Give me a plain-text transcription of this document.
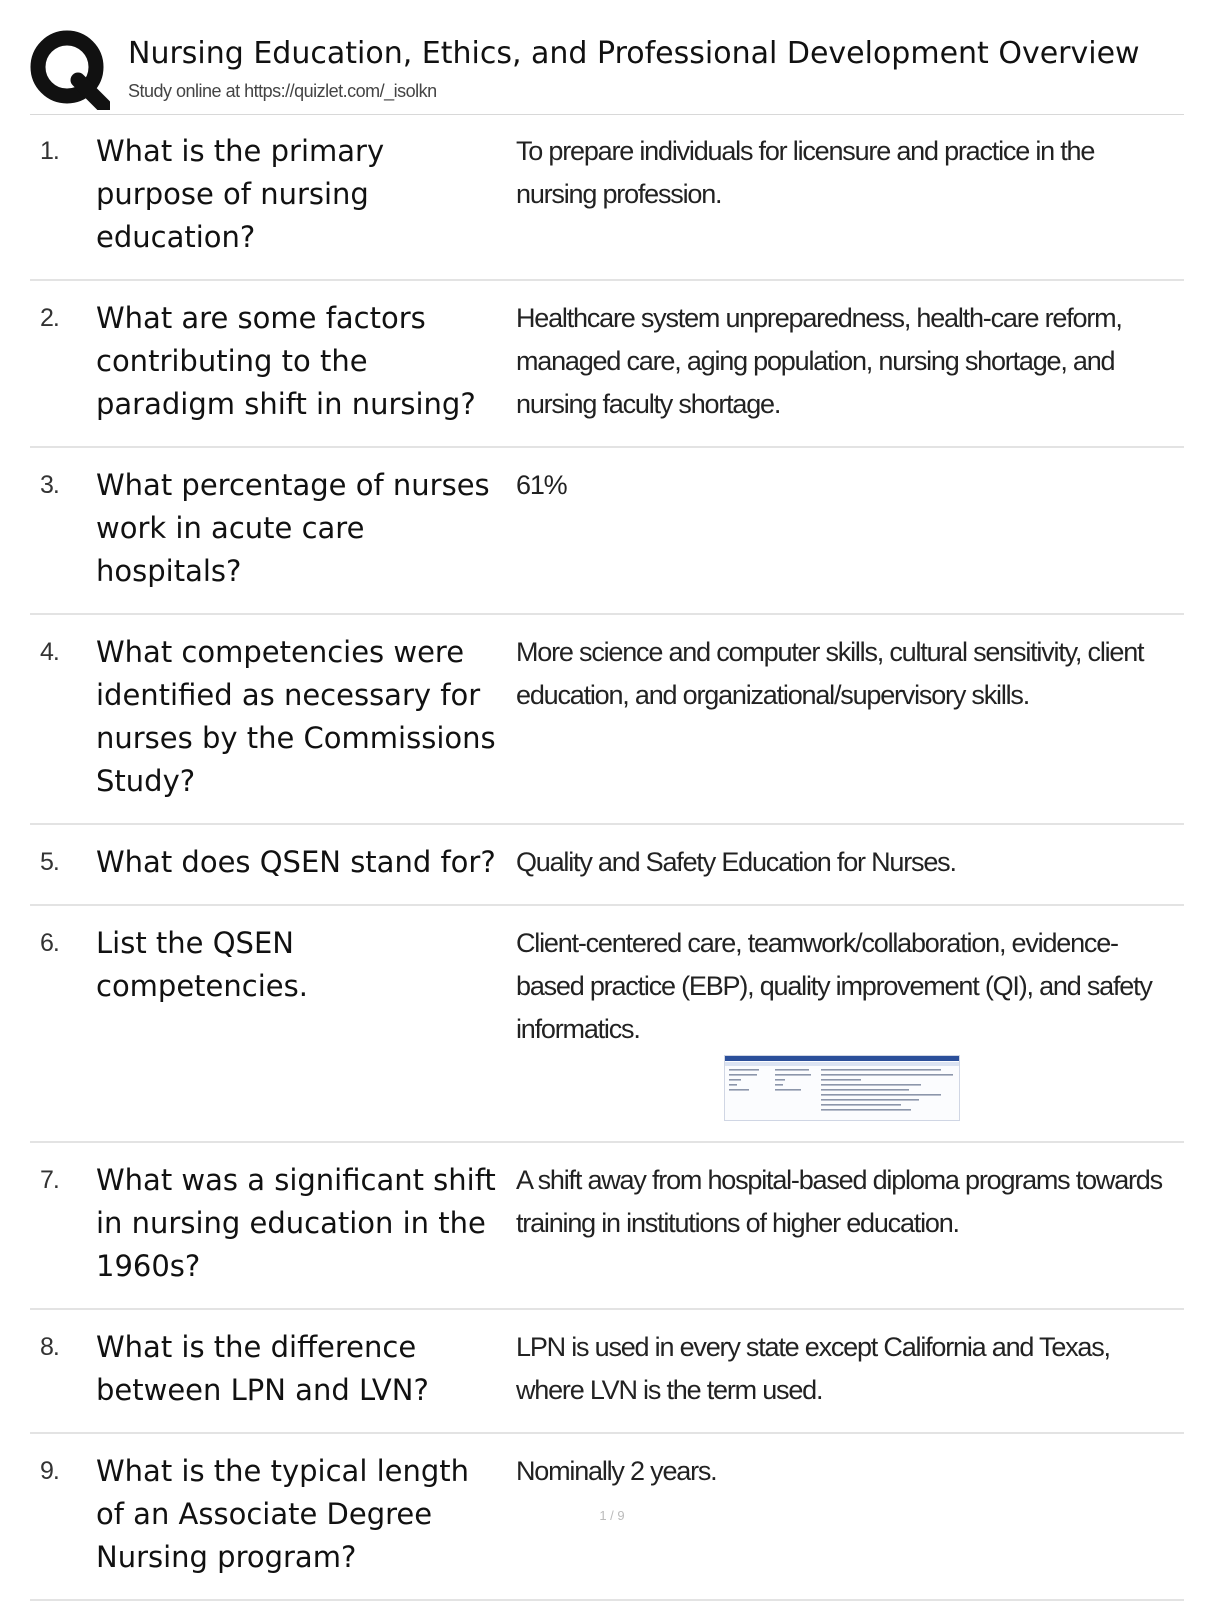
Nursing Education, Ethics, and Professional Development Overview
Study online at https://quizlet.com/_isolkn
1.	What is the primary purpose of nursing education?
To prepare individuals for licensure and practice in the nursing profession.
2.	What are some factors contributing to the paradigm shift in nursing?
Healthcare system unpreparedness, health-care reform, managed care, aging population, nursing shortage, and nursing faculty shortage.
3.	What percentage of nurses work in acute care hospitals?
61%
4.	What competencies were identified as necessary for nurses by the Commissions Study?
More science and computer skills, cultural sensitivity, client education, and organizational/supervisory skills.
5.	What does QSEN stand for? Quality and Safety Education for Nurses.
6.	List the QSEN competencies.
Client-centered care, teamwork/collaboration, evidence-based practice (EBP), quality improvement (QI), and safety informatics.
7.	What was a significant shift in nursing education in the 1960s?
A shift away from hospital-based diploma programs towards training in institutions of higher education.
8.	What is the difference between LPN and LVN?
LPN is used in every state except California and Texas, where LVN is the term used.
9.	What is the typical length of an Associate Degree Nursing program?
Nominally 2 years.
1 / 9
